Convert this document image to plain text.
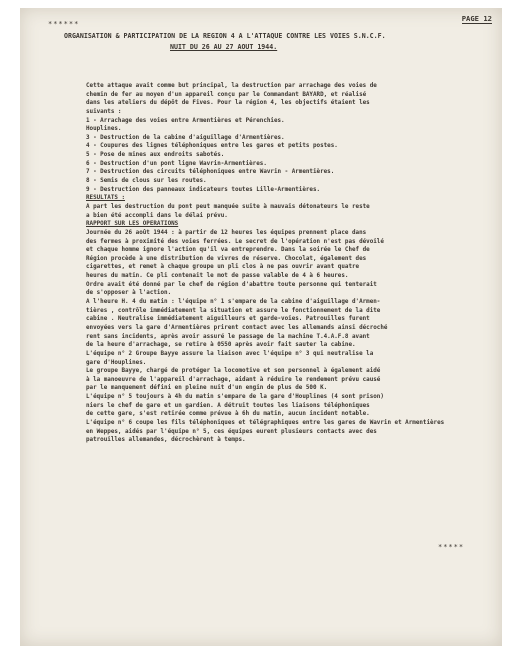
******
PAGE 12
ORGANISATION & PARTICIPATION DE LA REGION 4 A L'ATTAQUE CONTRE LES VOIES S.N.C.F.
NUIT DU 26 AU 27 AOUT 1944.
Cette attaque avait comme but principal, la destruction par arrachage des voies de
chemin de fer au moyen d'un appareil conçu par le Commandant BAYARD, et réalisé
dans les ateliers du dépôt de Fives. Pour la région 4, les objectifs étaient les
suivants :
1 - Arrachage des voies entre Armentières et Pérenchies.
Houplines.
3 - Destruction de la cabine d'aiguillage d'Armentières.
4 - Coupures des lignes téléphoniques entre les gares et petits postes.
5 - Pose de mines aux endroits sabotés.
6 - Destruction d'un pont ligne Wavrin-Armentières.
7 - Destruction des circuits téléphoniques entre Wavrin - Armentières.
8 - Semis de clous sur les routes.
9 - Destruction des panneaux indicateurs toutes Lille-Armentières.
RESULTATS :
A part les destruction du pont peut manquée suite à mauvais détonateurs le reste
a bien été accompli dans le délai prévu.
RAPPORT SUR LES OPERATIONS
Journée du 26 août 1944 : à partir de 12 heures les équipes prennent place dans
des fermes à proximité des voies ferrées. Le secret de l'opération n'est pas dévoilé
et chaque homme ignore l'action qu'il va entreprendre. Dans la soirée le Chef de
Région procède à une distribution de vivres de réserve. Chocolat, également des
cigarettes, et remet à chaque groupe un pli clos à ne pas ouvrir avant quatre
heures du matin. Ce pli contenait le mot de passe valable de 4 à 6 heures.
Ordre avait été donné par le chef de région d'abattre toute personne qui tenterait
de s'opposer à l'action.
A l'heure H. 4 du matin : l'équipe n° 1 s'empare de la cabine d'aiguillage d'Armen-
tières , contrôle immédiatement la situation et assure le fonctionnement de la dite
cabine . Neutralise immédiatement aiguilleurs et garde-voies. Patrouilles furent
envoyées vers la gare d'Armentières prirent contact avec les allemands ainsi décroché
rent sans incidents, après avoir assuré le passage de la machine T.4.A.F.8 avant
de la heure d'arrachage, se retire à 0550 après avoir fait sauter la cabine.
L'équipe n° 2 Groupe Bayye assure la liaison avec l'équipe n° 3 qui neutralise la
gare d'Houplines.
Le groupe Bayye, chargé de protéger la locomotive et son personnel à également aidé
à la manoeuvre de l'appareil d'arrachage, aidant à réduire le rendement prévu causé
par le manquement défini en pleine nuit d'un engin de plus de 500 K.
L'équipe n° 5 toujours à 4h du matin s'empare de la gare d'Houplines (4 sont prison)
niers le chef de gare et un gardien. A détruit toutes les liaisons téléphoniques
de cette gare, s'est retirée comme prévue à 6h du matin, aucun incident notable.
L'équipe n° 6 coupe les fils téléphoniques et télégraphiques entre les gares de Wavrin et Armentières
en Weppes, aidés par l'équipe n° 5, ces équipes eurent plusieurs contacts avec des
patrouilles allemandes, décrochèrent à temps.
*****
